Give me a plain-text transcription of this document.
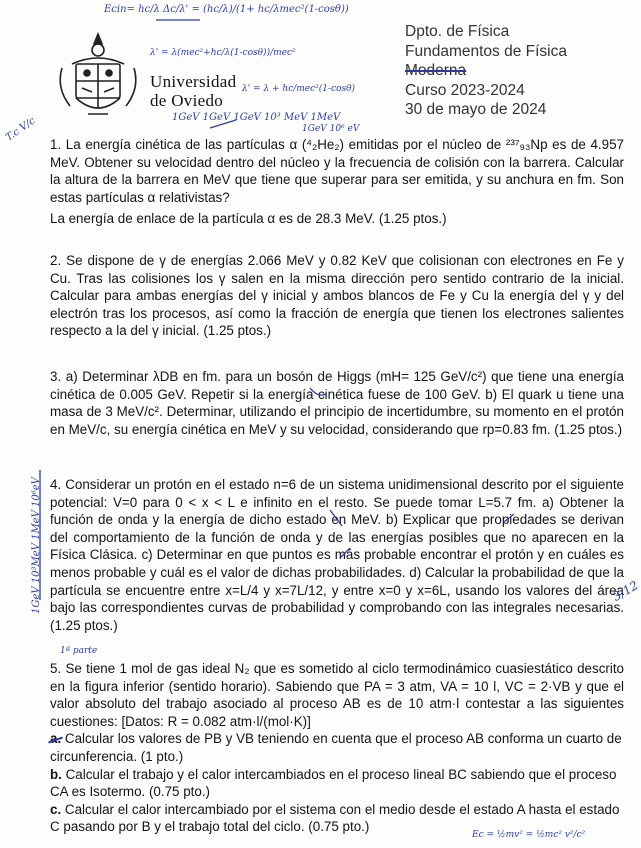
Universidad
de Oviedo
Dpto. de Física
Fundamentos de Física
Moderna
Curso 2023-2024
30 de mayo de 2024

1. La energía cinética de las partículas α (⁴₂He₂) emitidas por el núcleo de ²³⁷₉₃Np es de 4.957 MeV. Obtener su velocidad dentro del núcleo y la frecuencia de colisión con la barrera. Calcular la altura de la barrera en MeV que tiene que superar para ser emitida, y su anchura en fm. Son estas partículas α relativistas?

La energía de enlace de la partícula α es de 28.3 MeV. (1.25 ptos.)

2. Se dispone de γ de energías 2.066 MeV y 0.82 KeV que colisionan con electrones en Fe y Cu. Tras las colisiones los γ salen en la misma dirección pero sentido contrario de la inicial. Calcular para ambas energías del γ inicial y ambos blancos de Fe y Cu la energía del γ y del electrón tras los procesos, así como la fracción de energía que tienen los electrones salientes respecto a la del γ inicial. (1.25 ptos.)

3. a) Determinar λDB en fm. para un bosón de Higgs (mH= 125 GeV/c²) que tiene una energía cinética de 0.005 GeV. Repetir si la energía cinética fuese de 100 GeV. b) El quark u tiene una masa de 3 MeV/c². Determinar, utilizando el principio de incertidumbre, su momento en el protón en MeV/c, su energía cinética en MeV y su velocidad, considerando que rp=0.83 fm. (1.25 ptos.)

4. Considerar un protón en el estado n=6 de un sistema unidimensional descrito por el siguiente potencial: V=0 para 0 < x < L e infinito en el resto. Se puede tomar L=5.7 fm. a) Obtener la función de onda y la energía de dicho estado en MeV. b) Explicar que propiedades se derivan del comportamiento de la función de onda y de las energías posibles que no aparecen en la Física Clásica. c) Determinar en que puntos es más probable encontrar el protón y en cuáles es menos probable y cuál es el valor de dichas probabilidades. d) Calcular la probabilidad de que la partícula se encuentre entre x=L/4 y x=7L/12, y entre x=0 y x=6L, usando los valores del área bajo las correspondientes curvas de probabilidad y comprobando con las integrales necesarias. (1.25 ptos.)

5. Se tiene 1 mol de gas ideal N₂ que es sometido al ciclo termodinámico cuasiestático descrito en la figura inferior (sentido horario). Sabiendo que PA = 3 atm, VA = 10 l, VC = 2·VB y que el valor absoluto del trabajo asociado al proceso AB es de 10 atm·l contestar a las siguientes cuestiones: [Datos: R = 0.082 atm·l/(mol·K)]

a. Calcular los valores de PB y VB teniendo en cuenta que el proceso AB conforma un cuarto de circunferencia. (1 pto.)

b. Calcular el trabajo y el calor intercambiados en el proceso lineal BC sabiendo que el proceso CA es Isotermo. (0.75 pto.)

c. Calcular el calor intercambiado por el sistema con el medio desde el estado A hasta el estado C pasando por B y el trabajo total del ciclo. (0.75 pto.)

Ecin= hc/λ Δc/λ' = (hc/λ)/(1+ hc/λmec²(1-cosθ))
λ' = λ(mec²+hc/λ(1-cosθ))/mec²
λ' = λ + hc/mec²(1-cosθ)
1GeV 1GeV 1GeV 10³ MeV 1MeV
1GeV 10⁶ eV
T.c V/c
1GeV 10³MeV 1MeV 10⁶eV	3/12
1ª parte
Ec = ½mv² = ½mc² v²/c²
